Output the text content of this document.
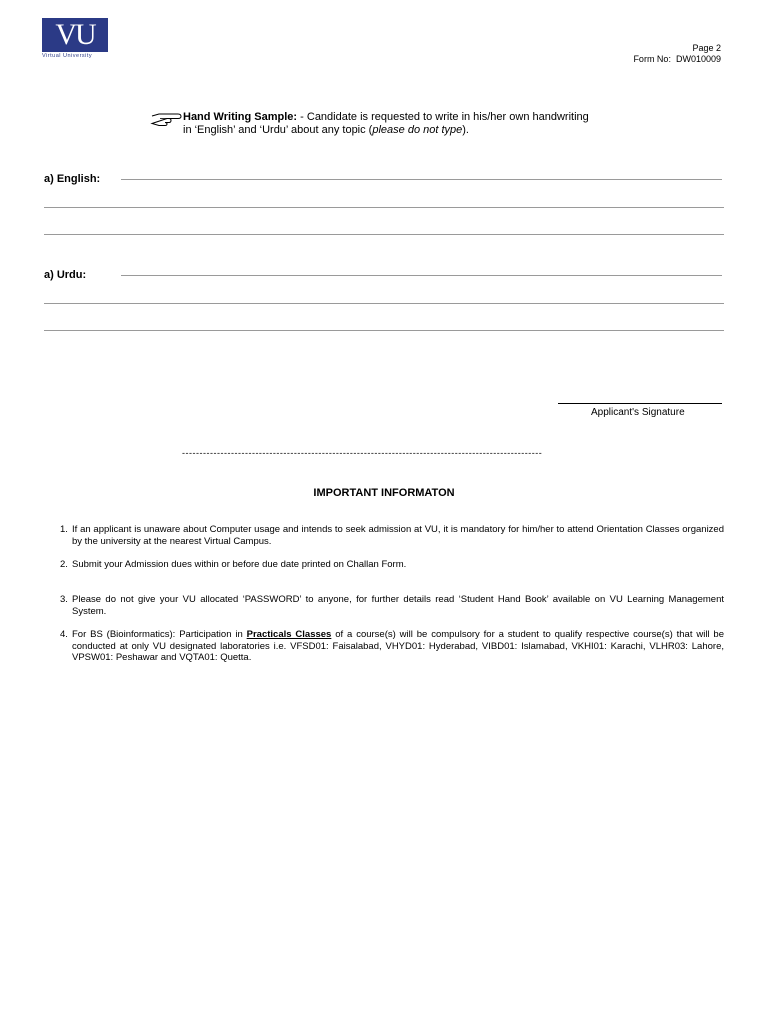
VU
Virtual University
Page 2
Form No: DW010009
Hand Writing Sample: - Candidate is requested to write in his/her own handwriting
in ‘English’ and ‘Urdu’ about any topic (please do not type).
a) English:
a) Urdu:
Applicant's Signature
-------------------------------------------------------------------------------------------------------
IMPORTANT INFORMATON
1. If an applicant is unaware about Computer usage and intends to seek admission at VU, it is mandatory for him/her to attend Orientation Classes organized by the university at the nearest Virtual Campus.
2. Submit your Admission dues within or before due date printed on Challan Form.
3. Please do not give your VU allocated ‘PASSWORD’ to anyone, for further details read ‘Student Hand Book’ available on VU Learning Management System.
4. For BS (Bioinformatics): Participation in Practicals Classes of a course(s) will be compulsory for a student to qualify respective course(s) that will be conducted at only VU designated laboratories i.e. VFSD01: Faisalabad, VHYD01: Hyderabad, VIBD01: Islamabad, VKHI01: Karachi, VLHR03: Lahore, VPSW01: Peshawar and VQTA01: Quetta.
